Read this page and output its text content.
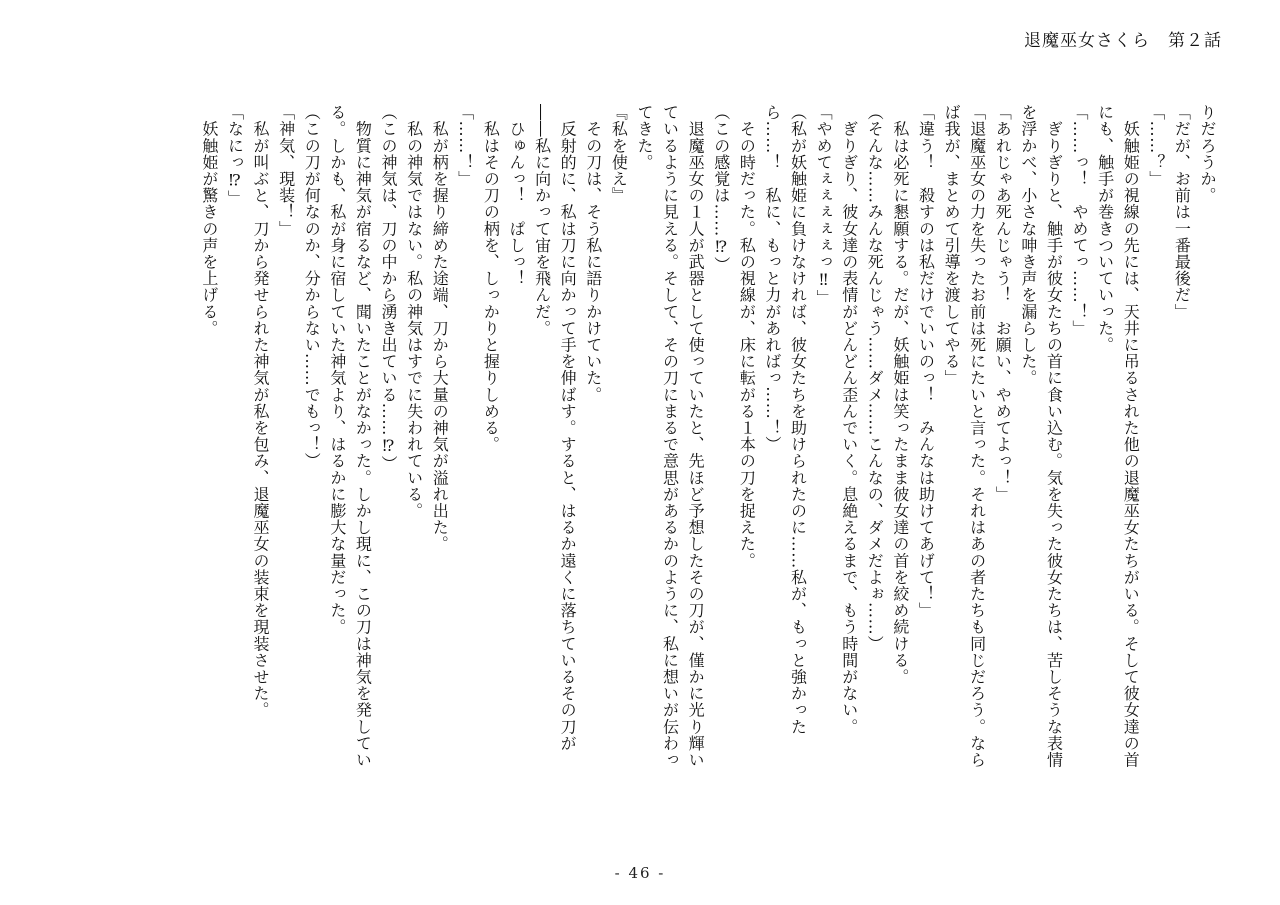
退魔巫女さくら 第２話

りだろうか。

「だが、お前は一番最後だ」

「……？」

　妖触姫の視線の先には、天井に吊るされた他の退魔巫女たちがいる。そして彼女達の首にも、触手が巻きついていった。

「……っ！　やめてっ……！」

　ぎりぎりと、触手が彼女たちの首に食い込む。気を失った彼女たちは、苦しそうな表情を浮かべ、小さな呻き声を漏らした。

「あれじゃあ死んじゃう！　お願い、やめてよっ！」

「退魔巫女の力を失ったお前は死にたいと言った。それはあの者たちも同じだろう。ならば我が、まとめて引導を渡してやる」

「違う！　殺すのは私だけでいいのっ！　みんなは助けてあげて！」

　私は必死に懇願する。だが、妖触姫は笑ったまま彼女達の首を絞め続ける。

（そんな……みんな死んじゃう……ダメ……こんなの、ダメだよぉ……）

　ぎりぎり、彼女達の表情がどんどん歪んでいく。息絶えるまで、もう時間がない。

「やめてぇぇぇぇぇっ‼」

（私が妖触姫に負けなければ、彼女たちを助けられたのに……私が、もっと強かったら……！　私に、もっと力があればっ……！）

　その時だった。私の視線が、床に転がる１本の刀を捉えた。

（この感覚は……⁉）

　退魔巫女の１人が武器として使っていたと、先ほど予想したその刀が、僅かに光り輝いているように見える。そして、その刀にまるで意思があるかのように、私に想いが伝わってきた。

『私を使え』

　その刀は、そう私に語りかけていた。

　反射的に、私は刀に向かって手を伸ばす。すると、はるか遠くに落ちているその刀が――私に向かって宙を飛んだ。

　ひゅんっ！　ぱしっ！

　私はその刀の柄を、しっかりと握りしめる。

「……！」

　私が柄を握り締めた途端、刀から大量の神気が溢れ出た。

　私の神気ではない。私の神気はすでに失われている。

（この神気は、刀の中から湧き出ている……⁉）

　物質に神気が宿るなど、聞いたことがなかった。しかし現に、この刀は神気を発している。しかも、私が身に宿していた神気より、はるかに膨大な量だった。

（この刀が何なのか、分からない……でもっ！）

「神気、現装！」

　私が叫ぶと、刀から発せられた神気が私を包み、退魔巫女の装束を現装させた。

「なにっ⁉」

　妖触姫が驚きの声を上げる。

- 46 -
